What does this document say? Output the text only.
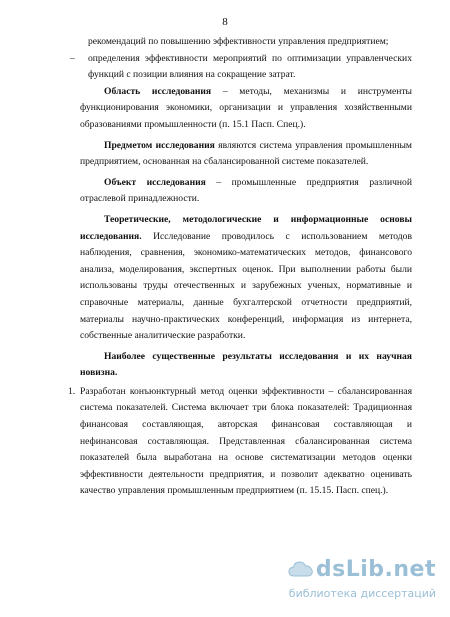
8

рекомендаций по повышению эффективности управления предприятием;

– определения эффективности мероприятий по оптимизации управленческих функций с позиции влияния на сокращение затрат.

Область исследования – методы, механизмы и инструменты функционирования экономики, организации и управления хозяйственными образованиями промышленности (п. 15.1 Пасп. Спец.).

Предметом исследования являются система управления промышленным предприятием, основанная на сбалансированной системе показателей.

Объект исследования – промышленные предприятия различной отраслевой принадлежности.

Теоретические, методологические и информационные основы исследования. Исследование проводилось с использованием методов наблюдения, сравнения, экономико-математических методов, финансового анализа, моделирования, экспертных оценок. При выполнении работы были использованы труды отечественных и зарубежных ученых, нормативные и справочные материалы, данные бухгалтерской отчетности предприятий, материалы научно-практических конференций, информация из интернета, собственные аналитические разработки.

Наиболее существенные результаты исследования и их научная новизна.

1. Разработан конъюнктурный метод оценки эффективности – сбалансированная система показателей. Система включает три блока показателей: Традиционная финансовая составляющая, авторская финансовая составляющая и нефинансовая составляющая. Представленная сбалансированная система показателей была выработана на основе систематизации методов оценки эффективности деятельности предприятия, и позволит адекватно оценивать качество управления промышленным предприятием (п. 15.15. Пасп. спец.).

dsLib.net
библиотека диссертаций
